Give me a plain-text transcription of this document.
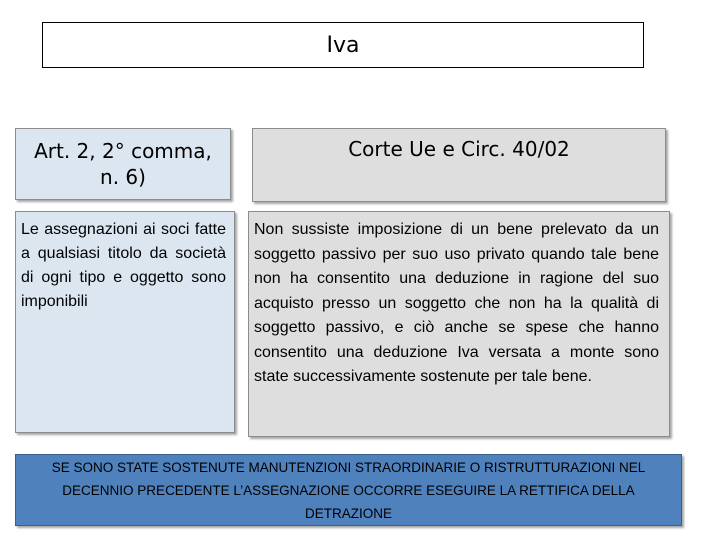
Iva
Art. 2, 2° comma, n. 6)
Corte Ue e Circ. 40/02
Le assegnazioni ai soci fatte a qualsiasi titolo da società di ogni tipo e oggetto sono imponibili
Non sussiste imposizione di un bene prelevato da un soggetto passivo per suo uso privato quando tale bene non ha consentito una deduzione in ragione del suo acquisto presso un soggetto che non ha la qualità di soggetto passivo, e ciò anche se spese che hanno consentito una deduzione Iva versata a monte sono state successivamente sostenute per tale bene.
SE SONO STATE SOSTENUTE MANUTENZIONI STRAORDINARIE O RISTRUTTURAZIONI NEL DECENNIO PRECEDENTE L’ASSEGNAZIONE OCCORRE ESEGUIRE LA RETTIFICA DELLA DETRAZIONE
